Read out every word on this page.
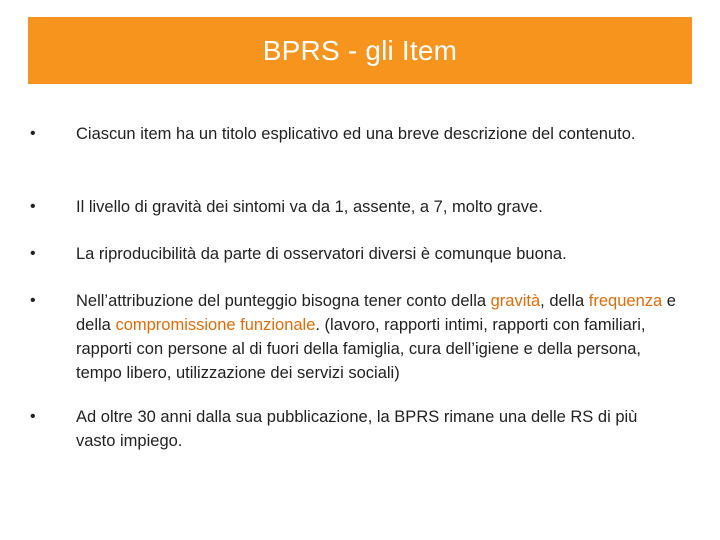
BPRS - gli Item
• Ciascun item ha un titolo esplicativo ed una breve descrizione del contenuto.
• Il livello di gravità dei sintomi va da 1, assente, a 7, molto grave.
• La riproducibilità da parte di osservatori diversi è comunque buona.
• Nell’attribuzione del punteggio bisogna tener conto della gravità, della frequenza e della compromissione funzionale. (lavoro, rapporti intimi, rapporti con familiari, rapporti con persone al di fuori della famiglia, cura dell’igiene e della persona, tempo libero, utilizzazione dei servizi sociali)
• Ad oltre 30 anni dalla sua pubblicazione, la BPRS rimane una delle RS di più vasto impiego.
